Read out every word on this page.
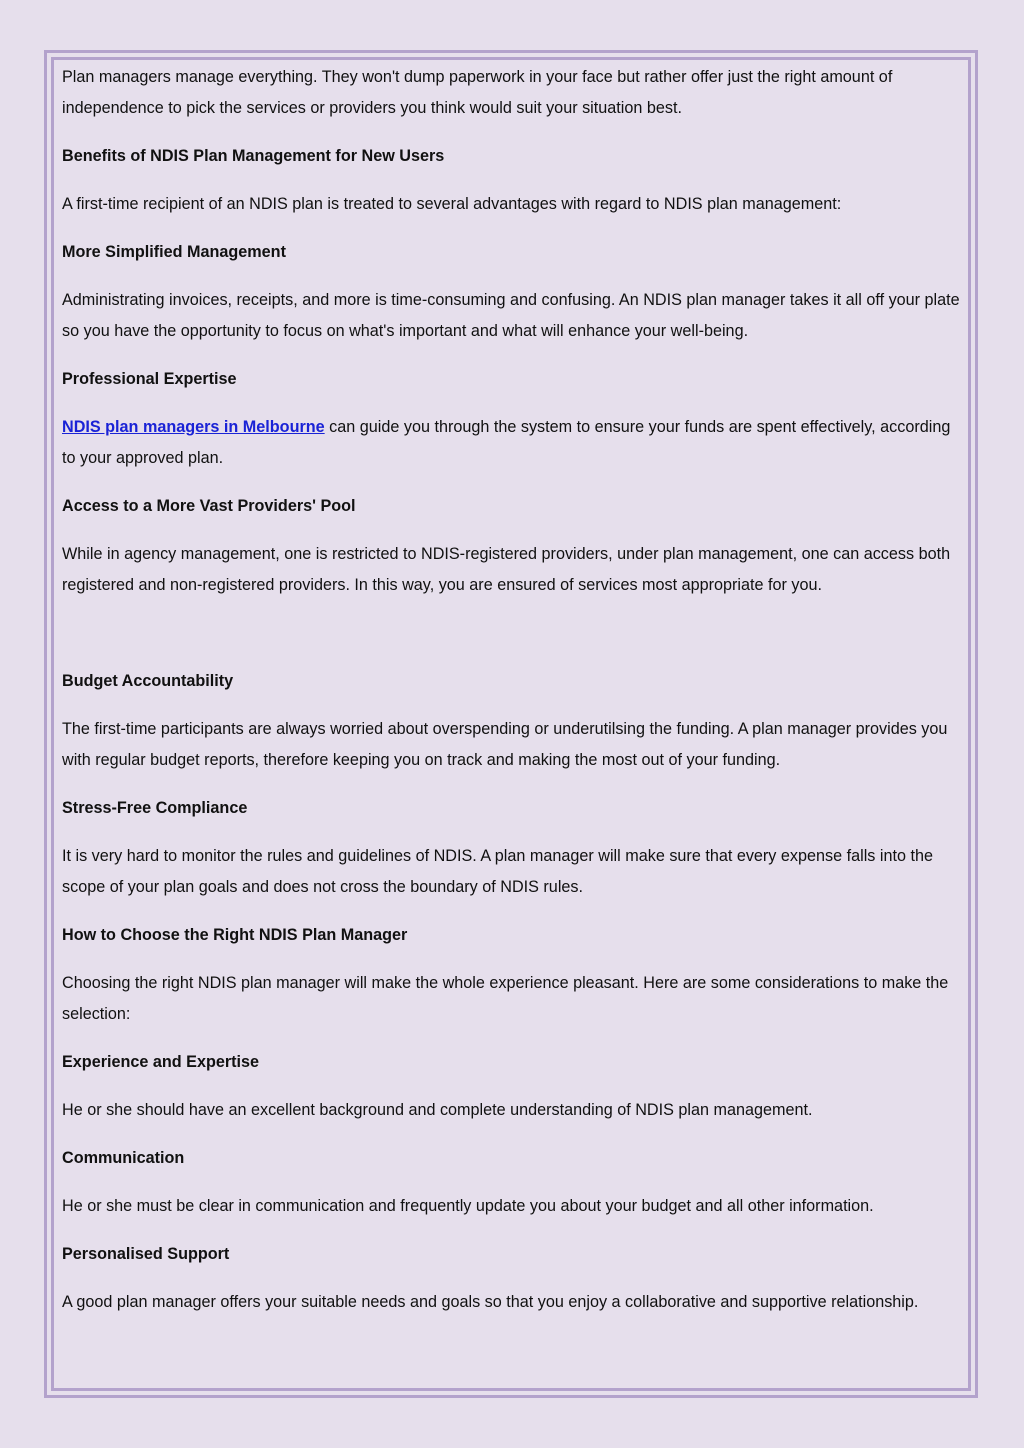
Plan managers manage everything. They won't dump paperwork in your face but rather offer just the right amount of independence to pick the services or providers you think would suit your situation best.

Benefits of NDIS Plan Management for New Users

A first-time recipient of an NDIS plan is treated to several advantages with regard to NDIS plan management:

More Simplified Management

Administrating invoices, receipts, and more is time-consuming and confusing. An NDIS plan manager takes it all off your plate so you have the opportunity to focus on what's important and what will enhance your well-being.

Professional Expertise

NDIS plan managers in Melbourne can guide you through the system to ensure your funds are spent effectively, according to your approved plan.

Access to a More Vast Providers' Pool

While in agency management, one is restricted to NDIS-registered providers, under plan management, one can access both registered and non-registered providers. In this way, you are ensured of services most appropriate for you.

Budget Accountability

The first-time participants are always worried about overspending or underutilsing the funding. A plan manager provides you with regular budget reports, therefore keeping you on track and making the most out of your funding.

Stress-Free Compliance

It is very hard to monitor the rules and guidelines of NDIS. A plan manager will make sure that every expense falls into the scope of your plan goals and does not cross the boundary of NDIS rules.

How to Choose the Right NDIS Plan Manager

Choosing the right NDIS plan manager will make the whole experience pleasant. Here are some considerations to make the selection:

Experience and Expertise

He or she should have an excellent background and complete understanding of NDIS plan management.

Communication

He or she must be clear in communication and frequently update you about your budget and all other information.

Personalised Support

A good plan manager offers your suitable needs and goals so that you enjoy a collaborative and supportive relationship.
